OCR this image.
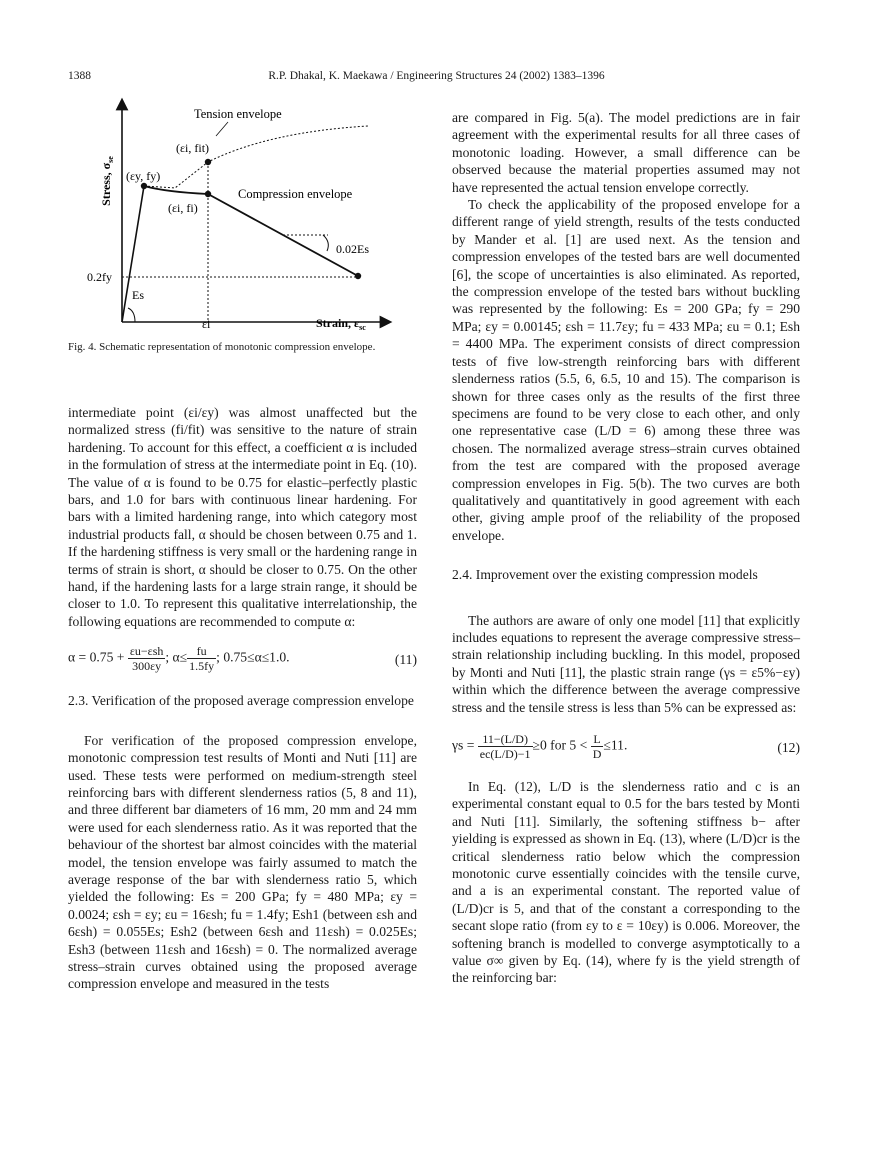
1388	R.P. Dhakal, K. Maekawa / Engineering Structures 24 (2002) 1383–1396
Stress, $\sigma_{se}$
Strain, $\varepsilon_{sc}$
Tension envelope
Compression envelope
(εi, fit)
(εy, fy)
(εi, fi)
0.02Es
0.2fy
Es
εi
Fig. 4. Schematic representation of monotonic compression envelope.

intermediate point (εi/εy) was almost unaffected but the normalized stress (fi/fit) was sensitive to the nature of strain hardening. To account for this effect, a coefficient α is included in the formulation of stress at the intermediate point in Eq. (10). The value of α is found to be 0.75 for elastic–perfectly plastic bars, and 1.0 for bars with continuous linear hardening. For bars with a limited hardening range, into which category most industrial products fall, α should be chosen between 0.75 and 1. If the hardening stiffness is very small or the hardening range in terms of strain is short, α should be closer to 0.75. On the other hand, if the hardening lasts for a large strain range, it should be closer to 1.0. To represent this qualitative interrelationship, the following equations are recommended to compute α:

$\alpha = 0.75 + \frac{\text{εu−εsh}}{300\varepsilon y}$ ; $\alpha\le \frac{fu}{1.5fy}$ ; 0.75≤α≤1.0.	(11)

2.3. Verification of the proposed average compression envelope

For verification of the proposed compression envelope, monotonic compression test results of Monti and Nuti [11] are used. These tests were performed on medium-strength steel reinforcing bars with different slenderness ratios (5, 8 and 11), and three different bar diameters of 16 mm, 20 mm and 24 mm were used for each slenderness ratio. As it was reported that the behaviour of the shortest bar almost coincides with the material model, the tension envelope was fairly assumed to match the average response of the bar with slenderness ratio 5, which yielded the following: Es = 200 GPa; fy = 480 MPa; εy = 0.0024; εsh = εy; εu = 16εsh; fu = 1.4fy; Esh1 (between εsh and 6εsh) = 0.055Es; Esh2 (between 6εsh and 11εsh) = 0.025Es; Esh3 (between 11εsh and 16εsh) = 0. The normalized average stress–strain curves obtained using the proposed average compression envelope and measured in the tests

are compared in Fig. 5(a). The model predictions are in fair agreement with the experimental results for all three cases of monotonic loading. However, a small difference can be observed because the material properties assumed may not have represented the actual tension envelope correctly.

To check the applicability of the proposed envelope for a different range of yield strength, results of the tests conducted by Mander et al. [1] are used next. As the tension and compression envelopes of the tested bars are well documented [6], the scope of uncertainties is also eliminated. As reported, the compression envelope of the tested bars without buckling was represented by the following: Es = 200 GPa; fy = 290 MPa; εy = 0.00145; εsh = 11.7εy; fu = 433 MPa; εu = 0.1; Esh = 4400 MPa. The experiment consists of direct compression tests of five low-strength reinforcing bars with different slenderness ratios (5.5, 6, 6.5, 10 and 15). The comparison is shown for three cases only as the results of the first three specimens are found to be very close to each other, and only one representative case (L/D = 6) among these three was chosen. The normalized average stress–strain curves obtained from the test are compared with the proposed average compression envelopes in Fig. 5(b). The two curves are both qualitatively and quantitatively in good agreement with each other, giving ample proof of the reliability of the proposed envelope.

2.4. Improvement over the existing compression models

The authors are aware of only one model [11] that explicitly includes equations to represent the average compressive stress–strain relationship including buckling. In this model, proposed by Monti and Nuti [11], the plastic strain range (γs = ε5%−εy) within which the difference between the average compressive stress and the tensile stress is less than 5% can be expressed as:

$\gamma s = \frac{11-(L/D)}{ec(L/D)-1} \ge 0$ for $5 < \frac{L}{D} \le 11$.	(12)

In Eq. (12), L/D is the slenderness ratio and c is an experimental constant equal to 0.5 for the bars tested by Monti and Nuti [11]. Similarly, the softening stiffness b− after yielding is expressed as shown in Eq. (13), where (L/D)cr is the critical slenderness ratio below which the compression monotonic curve essentially coincides with the tensile curve, and a is an experimental constant. The reported value of (L/D)cr is 5, and that of the constant a corresponding to the secant slope ratio (from εy to ε = 10εy) is 0.006. Moreover, the softening branch is modelled to converge asymptotically to a value σ∞ given by Eq. (14), where fy is the yield strength of the reinforcing bar:
